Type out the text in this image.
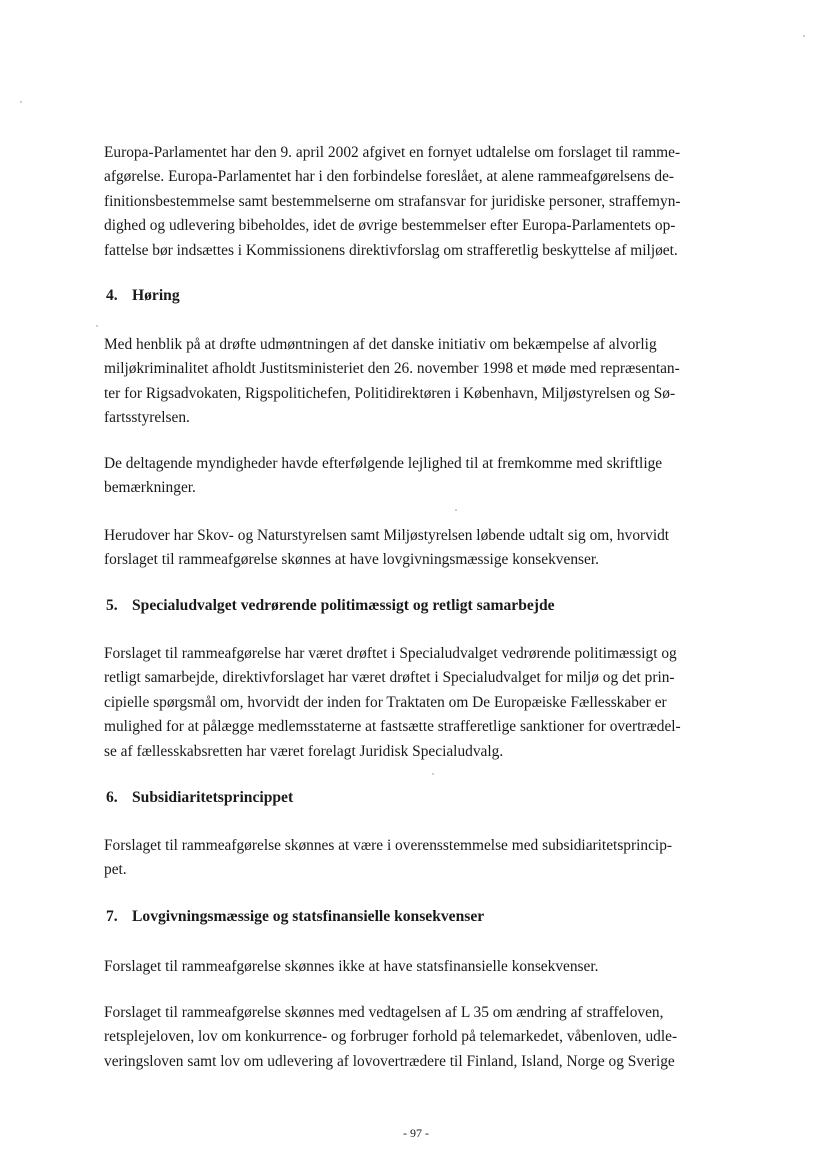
Europa-Parlamentet har den 9. april 2002 afgivet en fornyet udtalelse om forslaget til ramme-

afgørelse. Europa-Parlamentet har i den forbindelse foreslået, at alene rammeafgørelsens de-

finitionsbestemmelse samt bestemmelserne om strafansvar for juridiske personer, straffemyn-

dighed og udlevering bibeholdes, idet de øvrige bestemmelser efter Europa-Parlamentets op-

fattelse bør indsættes i Kommissionens direktivforslag om strafferetlig beskyttelse af miljøet.

4. Høring

Med henblik på at drøfte udmøntningen af det danske initiativ om bekæmpelse af alvorlig

miljøkriminalitet afholdt Justitsministeriet den 26. november 1998 et møde med repræsentan-

ter for Rigsadvokaten, Rigspolitichefen, Politidirektøren i København, Miljøstyrelsen og Sø-

fartsstyrelsen.

De deltagende myndigheder havde efterfølgende lejlighed til at fremkomme med skriftlige

bemærkninger.

Herudover har Skov- og Naturstyrelsen samt Miljøstyrelsen løbende udtalt sig om, hvorvidt

forslaget til rammeafgørelse skønnes at have lovgivningsmæssige konsekvenser.

5. Specialudvalget vedrørende politimæssigt og retligt samarbejde

Forslaget til rammeafgørelse har været drøftet i Specialudvalget vedrørende politimæssigt og

retligt samarbejde, direktivforslaget har været drøftet i Specialudvalget for miljø og det prin-

cipielle spørgsmål om, hvorvidt der inden for Traktaten om De Europæiske Fællesskaber er

mulighed for at pålægge medlemsstaterne at fastsætte strafferetlige sanktioner for overtrædel-

se af fællesskabsretten har været forelagt Juridisk Specialudvalg.

6. Subsidiaritetsprincippet

Forslaget til rammeafgørelse skønnes at være i overensstemmelse med subsidiaritetsprincip-

pet.

7. Lovgivningsmæssige og statsfinansielle konsekvenser

Forslaget til rammeafgørelse skønnes ikke at have statsfinansielle konsekvenser.

Forslaget til rammeafgørelse skønnes med vedtagelsen af L 35 om ændring af straffeloven,

retsplejeloven, lov om konkurrence- og forbruger forhold på telemarkedet, våbenloven, udle-

veringsloven samt lov om udlevering af lovovertrædere til Finland, Island, Norge og Sverige

- 97 -
